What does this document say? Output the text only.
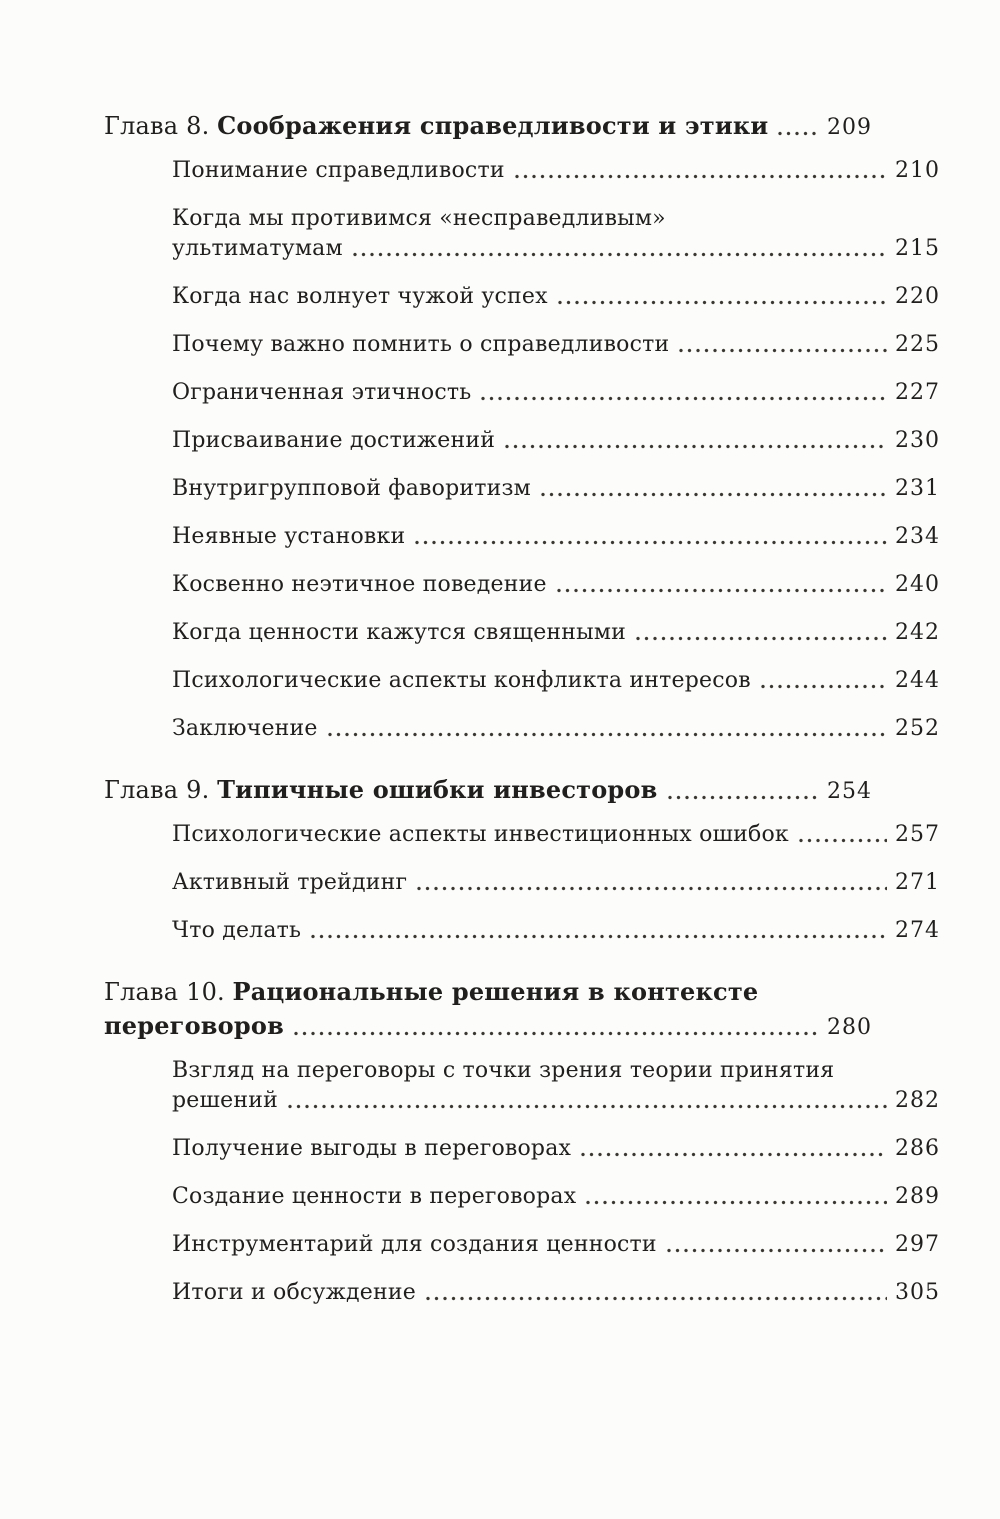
Глава 8. Соображения справедливости и этики	209
Понимание справедливости	210
Когда мы противимся «несправедливым»
ультиматумам	215
Когда нас волнует чужой успех	220
Почему важно помнить о справедливости	225
Ограниченная этичность	227
Присваивание достижений	230
Внутригрупповой фаворитизм	231
Неявные установки	234
Косвенно неэтичное поведение	240
Когда ценности кажутся священными	242
Психологические аспекты конфликта интересов	244
Заключение	252
Глава 9. Типичные ошибки инвесторов	254
Психологические аспекты инвестиционных ошибок	257
Активный трейдинг	271
Что делать	274
Глава 10. Рациональные решения в контексте
переговоров	280
Взгляд на переговоры с точки зрения теории принятия
решений	282
Получение выгоды в переговорах	286
Создание ценности в переговорах	289
Инструментарий для создания ценности	297
Итоги и обсуждение	305
